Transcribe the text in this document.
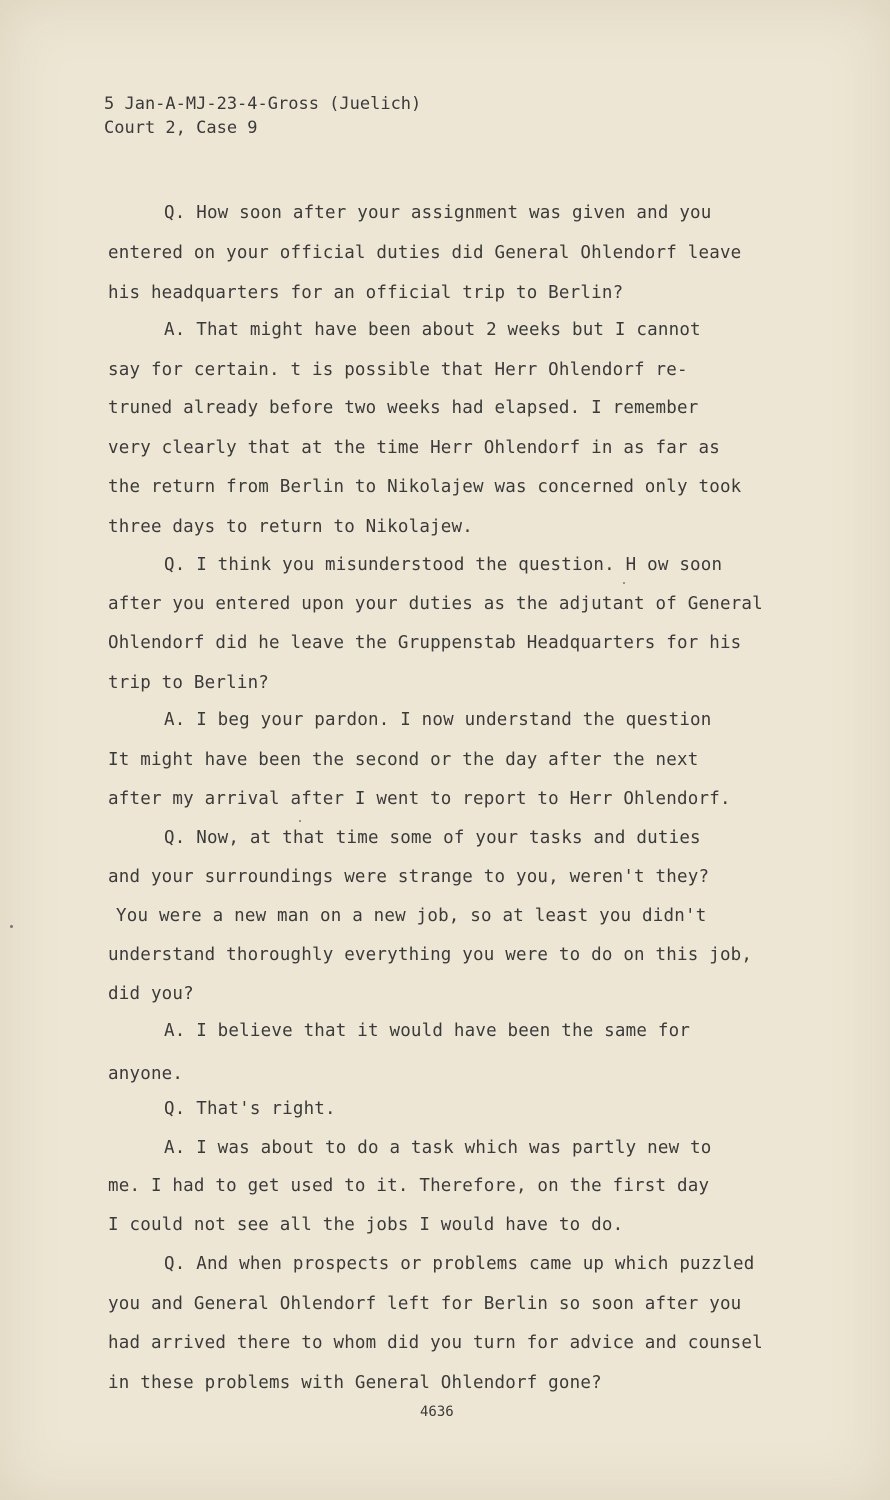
5 Jan-A-MJ-23-4-Gross (Juelich)
Court 2, Case 9
Q. How soon after your assignment was given and you
entered on your official duties did General Ohlendorf leave
his headquarters for an official trip to Berlin?
A. That might have been about 2 weeks but I cannot
say for certain. t is possible that Herr Ohlendorf re-
truned already before two weeks had elapsed. I remember
very clearly that at the time Herr Ohlendorf in as far as
the return from Berlin to Nikolajew was concerned only took
three days to return to Nikolajew.
Q. I think you misunderstood the question. H ow soon
after you entered upon your duties as the adjutant of General
Ohlendorf did he leave the Gruppenstab Headquarters for his
trip to Berlin?
A. I beg your pardon. I now understand the question
It might have been the second or the day after the next
after my arrival after I went to report to Herr Ohlendorf.
Q. Now, at that time some of your tasks and duties
and your surroundings were strange to you, weren't they?
You were a new man on a new job, so at least you didn't
understand thoroughly everything you were to do on this job,
did you?
A. I believe that it would have been the same for
anyone.
Q. That's right.
A. I was about to do a task which was partly new to
me. I had to get used to it. Therefore, on the first day
I could not see all the jobs I would have to do.
Q. And when prospects or problems came up which puzzled
you and General Ohlendorf left for Berlin so soon after you
had arrived there to whom did you turn for advice and counsel
in these problems with General Ohlendorf gone?
4636
